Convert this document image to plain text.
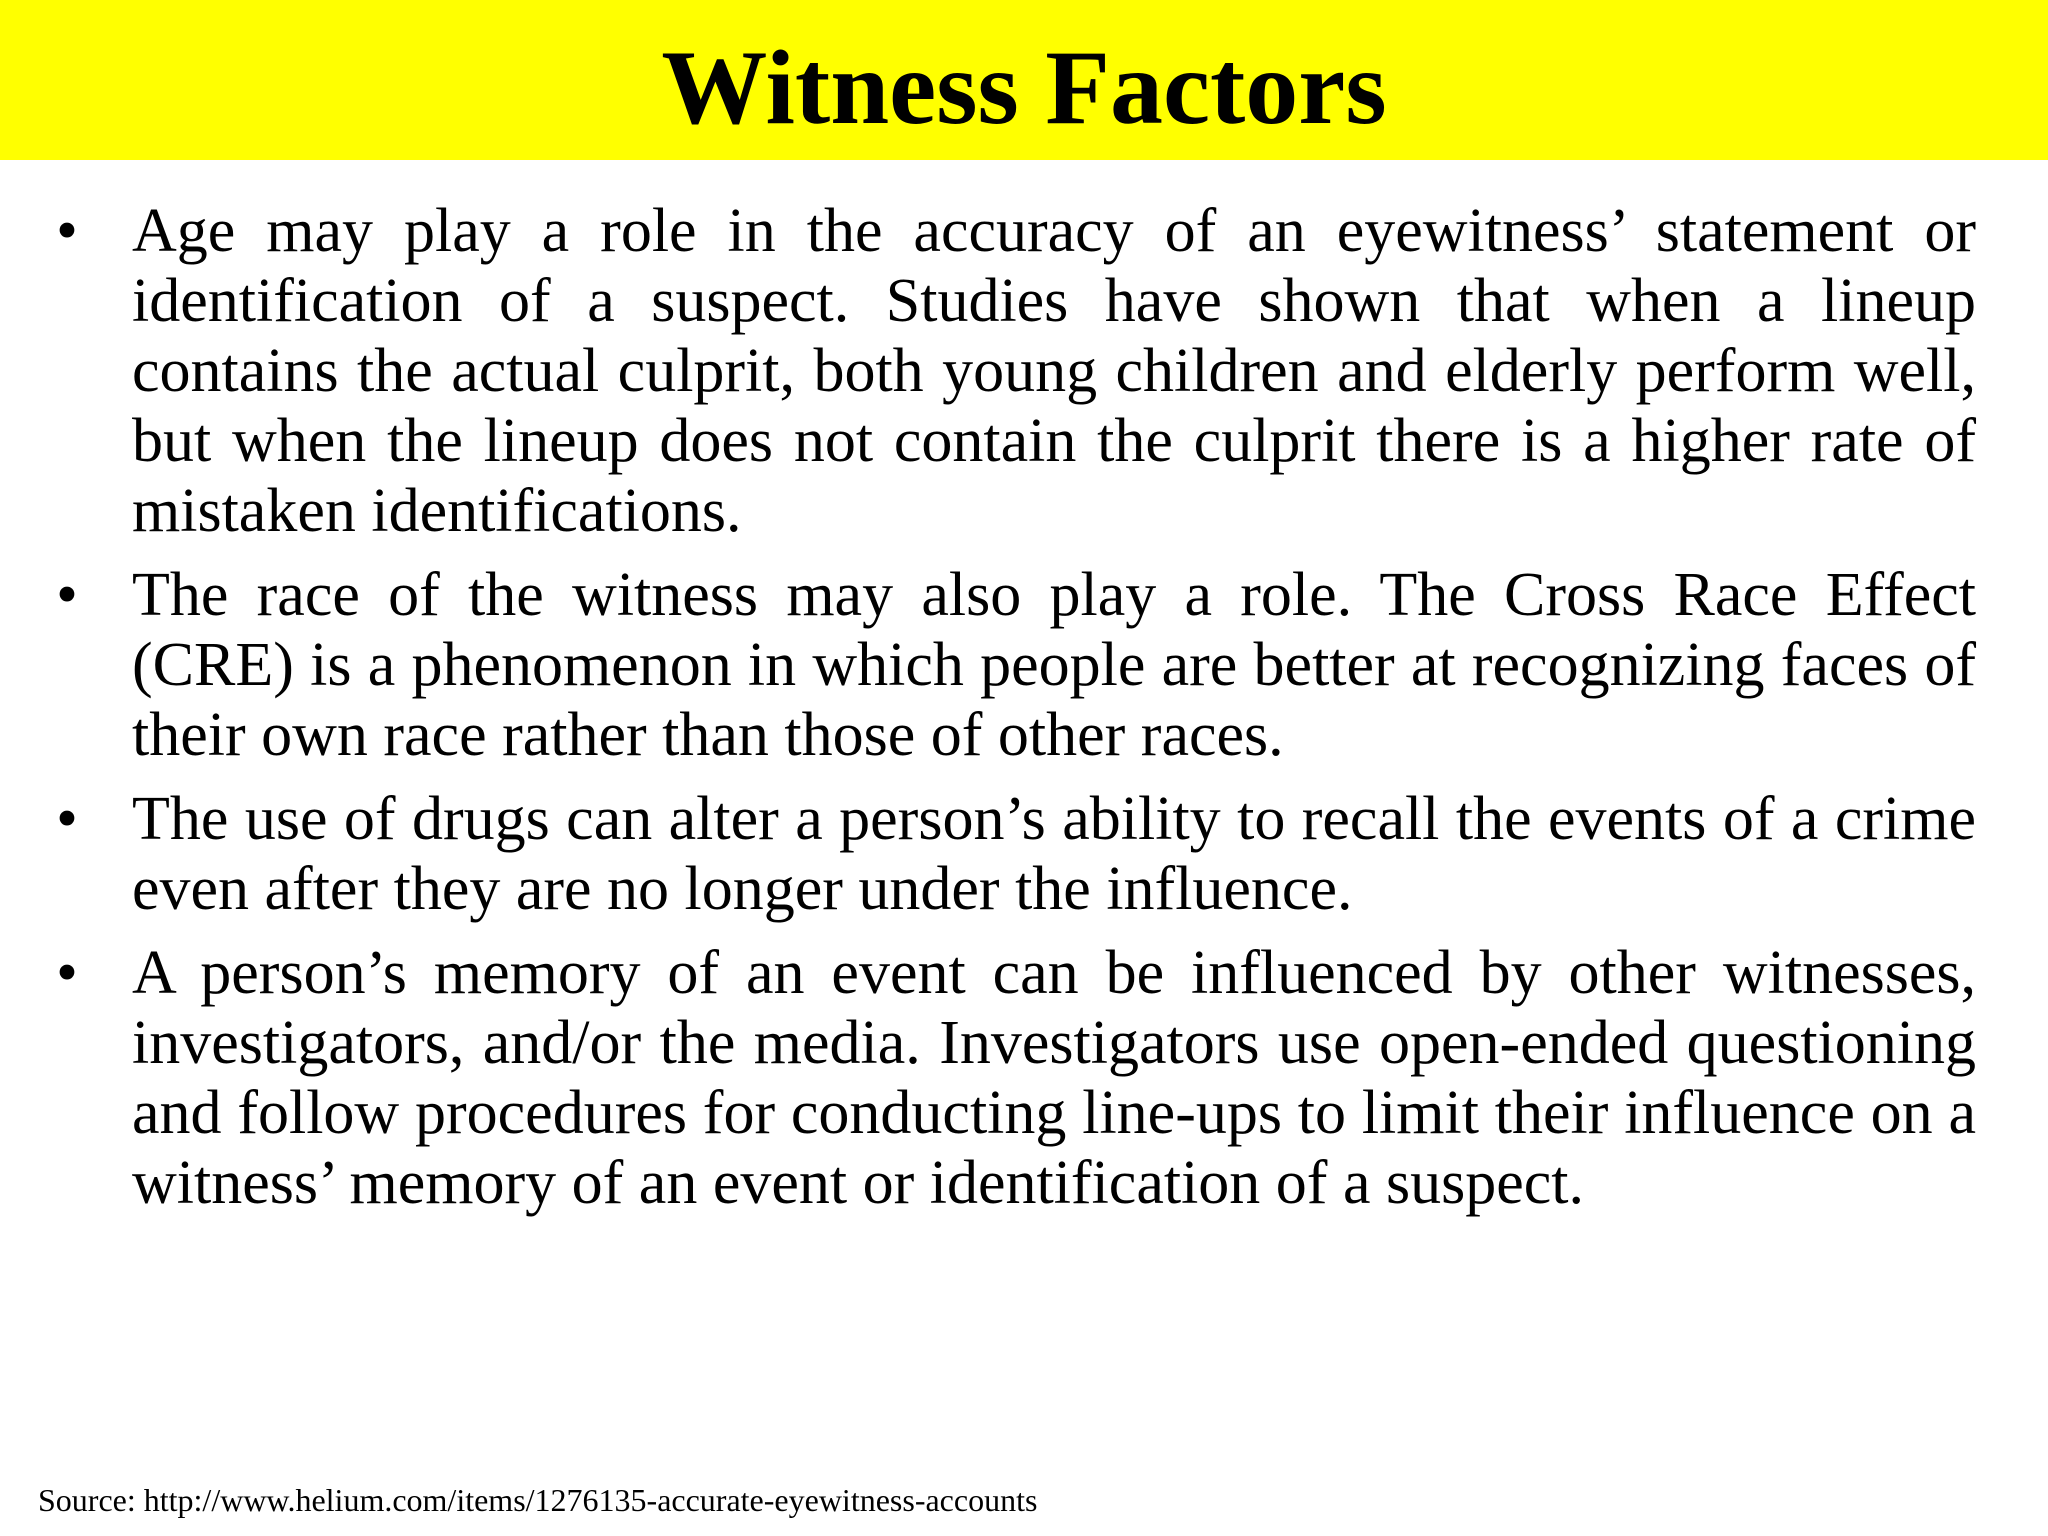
Witness Factors
• Age may play a role in the accuracy of an eyewitness’ statement or identification of a suspect. Studies have shown that when a lineup contains the actual culprit, both young children and elderly perform well, but when the lineup does not contain the culprit there is a higher rate of mistaken identifications.
• The race of the witness may also play a role. The Cross Race Effect (CRE) is a phenomenon in which people are better at recognizing faces of their own race rather than those of other races.
• The use of drugs can alter a person’s ability to recall the events of a crime even after they are no longer under the influence.
• A person’s memory of an event can be influenced by other witnesses, investigators, and/or the media. Investigators use open-ended questioning and follow procedures for conducting line-ups to limit their influence on a witness’ memory of an event or identification of a suspect.
Source: http://www.helium.com/items/1276135-accurate-eyewitness-accounts
